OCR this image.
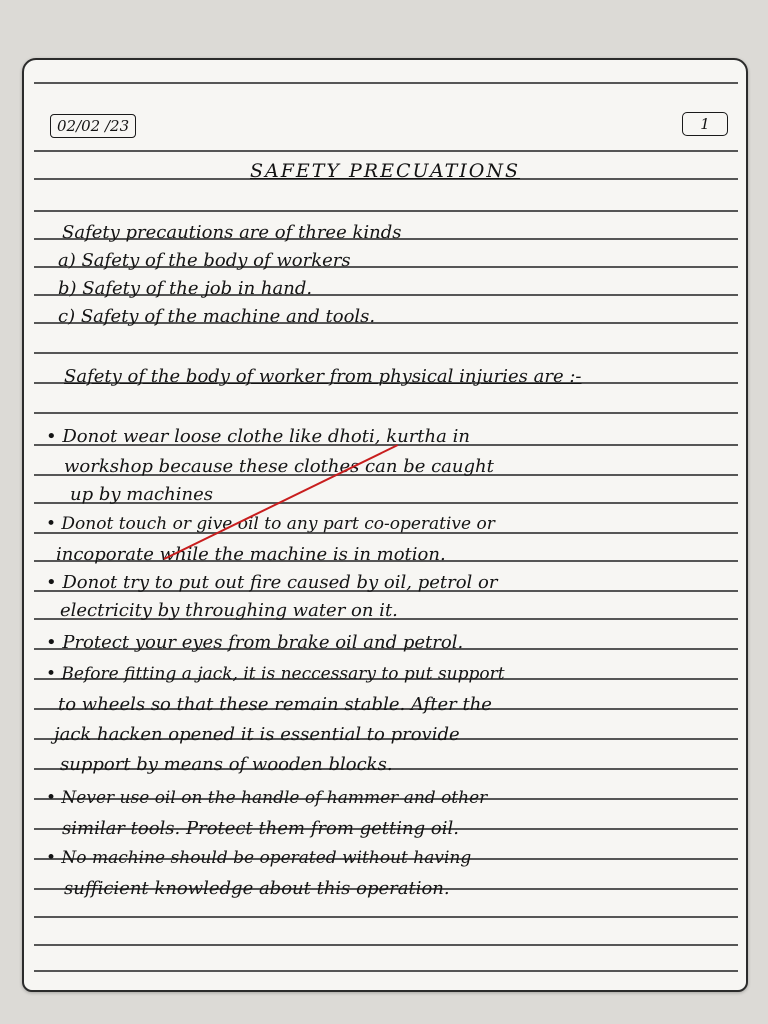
02/02 /23	1
SAFETY PRECUATIONS
Safety precautions are of three kinds
a) Safety of the body of workers
b) Safety of the job in hand.
c) Safety of the machine and tools.
Safety of the body of worker from physical injuries are :-
• Donot wear loose clothe like dhoti, kurtha in
workshop because these clothes can be caught
up by machines
• Donot touch or give oil to any part co-operative or
incoporate while the machine is in motion.
• Donot try to put out fire caused by oil, petrol or
electricity by throughing water on it.
• Protect your eyes from brake oil and petrol.
• Before fitting a jack, it is neccessary to put support
to wheels so that these remain stable. After the
jack hacken opened it is essential to provide
support by means of wooden blocks.
• Never use oil on the handle of hammer and other
similar tools. Protect them from getting oil.
• No machine should be operated without having
sufficient knowledge about this operation.
